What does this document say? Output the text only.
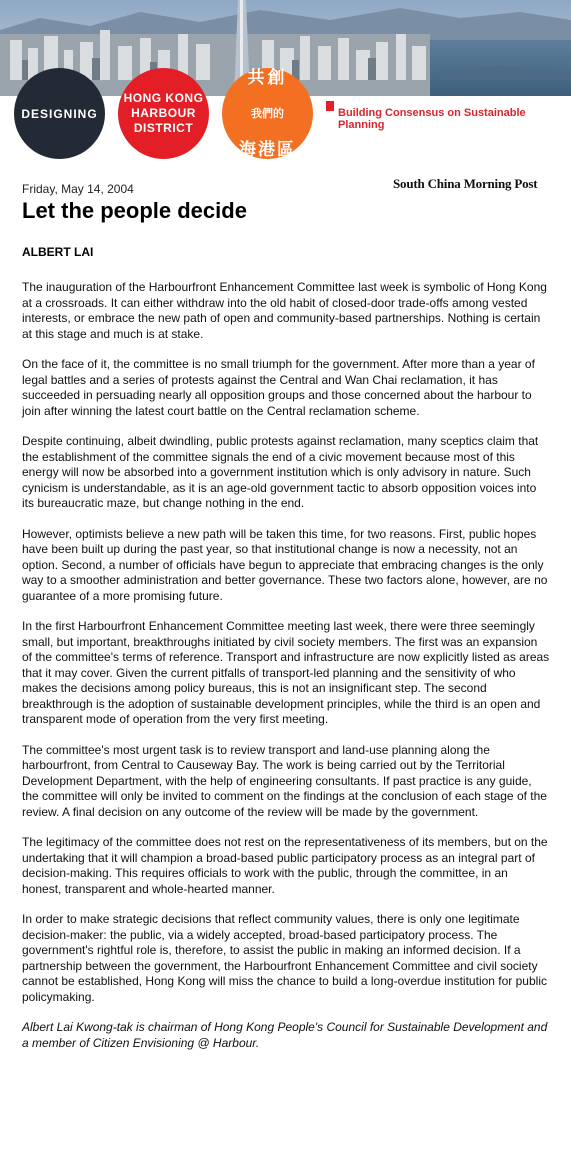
DESIGNING
HONG KONG
HARBOUR
DISTRICT

共創

我們的

海港區

Building Consensus on Sustainable Planning
Friday, May 14, 2004	South China Morning Post
Let the people decide
ALBERT LAI

The inauguration of the Harbourfront Enhancement Committee last week is symbolic of Hong Kong at a crossroads. It can either withdraw into the old habit of closed-door trade-offs among vested interests, or embrace the new path of open and community-based partnerships. Nothing is certain at this stage and much is at stake.

On the face of it, the committee is no small triumph for the government. After more than a year of legal battles and a series of protests against the Central and Wan Chai reclamation, it has succeeded in persuading nearly all opposition groups and those concerned about the harbour to join after winning the latest court battle on the Central reclamation scheme.

Despite continuing, albeit dwindling, public protests against reclamation, many sceptics claim that the establishment of the committee signals the end of a civic movement because most of this energy will now be absorbed into a government institution which is only advisory in nature. Such cynicism is understandable, as it is an age-old government tactic to absorb opposition voices into its bureaucratic maze, but change nothing in the end.

However, optimists believe a new path will be taken this time, for two reasons. First, public hopes have been built up during the past year, so that institutional change is now a necessity, not an option. Second, a number of officials have begun to appreciate that embracing changes is the only way to a smoother administration and better governance. These two factors alone, however, are no guarantee of a more promising future.

In the first Harbourfront Enhancement Committee meeting last week, there were three seemingly small, but important, breakthroughs initiated by civil society members. The first was an expansion of the committee's terms of reference. Transport and infrastructure are now explicitly listed as areas that it may cover. Given the current pitfalls of transport-led planning and the sensitivity of who makes the decisions among policy bureaus, this is not an insignificant step. The second breakthrough is the adoption of sustainable development principles, while the third is an open and transparent mode of operation from the very first meeting.

The committee's most urgent task is to review transport and land-use planning along the harbourfront, from Central to Causeway Bay. The work is being carried out by the Territorial Development Department, with the help of engineering consultants. If past practice is any guide, the committee will only be invited to comment on the findings at the conclusion of each stage of the review. A final decision on any outcome of the review will be made by the government.

The legitimacy of the committee does not rest on the representativeness of its members, but on the undertaking that it will champion a broad-based public participatory process as an integral part of decision-making. This requires officials to work with the public, through the committee, in an honest, transparent and whole-hearted manner.

In order to make strategic decisions that reflect community values, there is only one legitimate decision-maker: the public, via a widely accepted, broad-based participatory process. The government's rightful role is, therefore, to assist the public in making an informed decision. If a partnership between the government, the Harbourfront Enhancement Committee and civil society cannot be established, Hong Kong will miss the chance to build a long-overdue institution for public policymaking.

Albert Lai Kwong-tak is chairman of Hong Kong People's Council for Sustainable Development and a member of Citizen Envisioning @ Harbour.
